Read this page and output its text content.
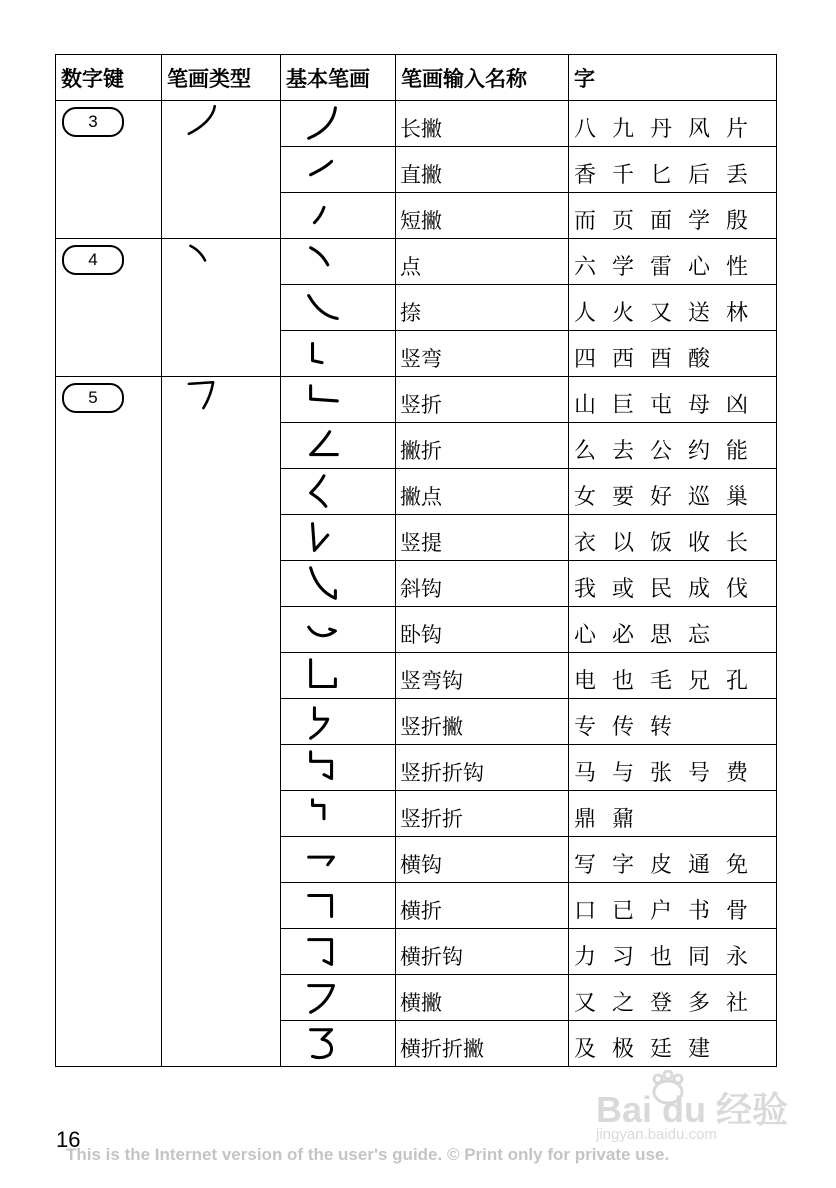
数字键	笔画类型	基本笔画	笔画输入名称	字
3			长撇	八 九 丹 风 片

直撇	香 千 匕 后 丢

短撇	而 页 面 学 殷
4			点	六 学 雷 心 性

捺	人 火 又 送 林

竖弯	四 西 酉 酸
5			竖折	山 巨 屯 母 凶

撇折	么 去 公 约 能

撇点	女 要 好 巡 巢

竖提	衣 以 饭 收 长

斜钩	我 或 民 成 伐

卧钩	心 必 思 忘

竖弯钩	电 也 毛 兄 孔

竖折撇	专 传 转

竖折折钩	马 与 张 号 费

竖折折	鼎 鼐

横钩	写 字 皮 通 免

横折	口 已 户 书 骨

横折钩	力 习 也 同 永

横撇	又 之 登 多 社

横折折撇	及 极 廷 建
16
This is the Internet version of the user's guide. © Print only for private use.
Bai du 经验
jingyan.baidu.com
